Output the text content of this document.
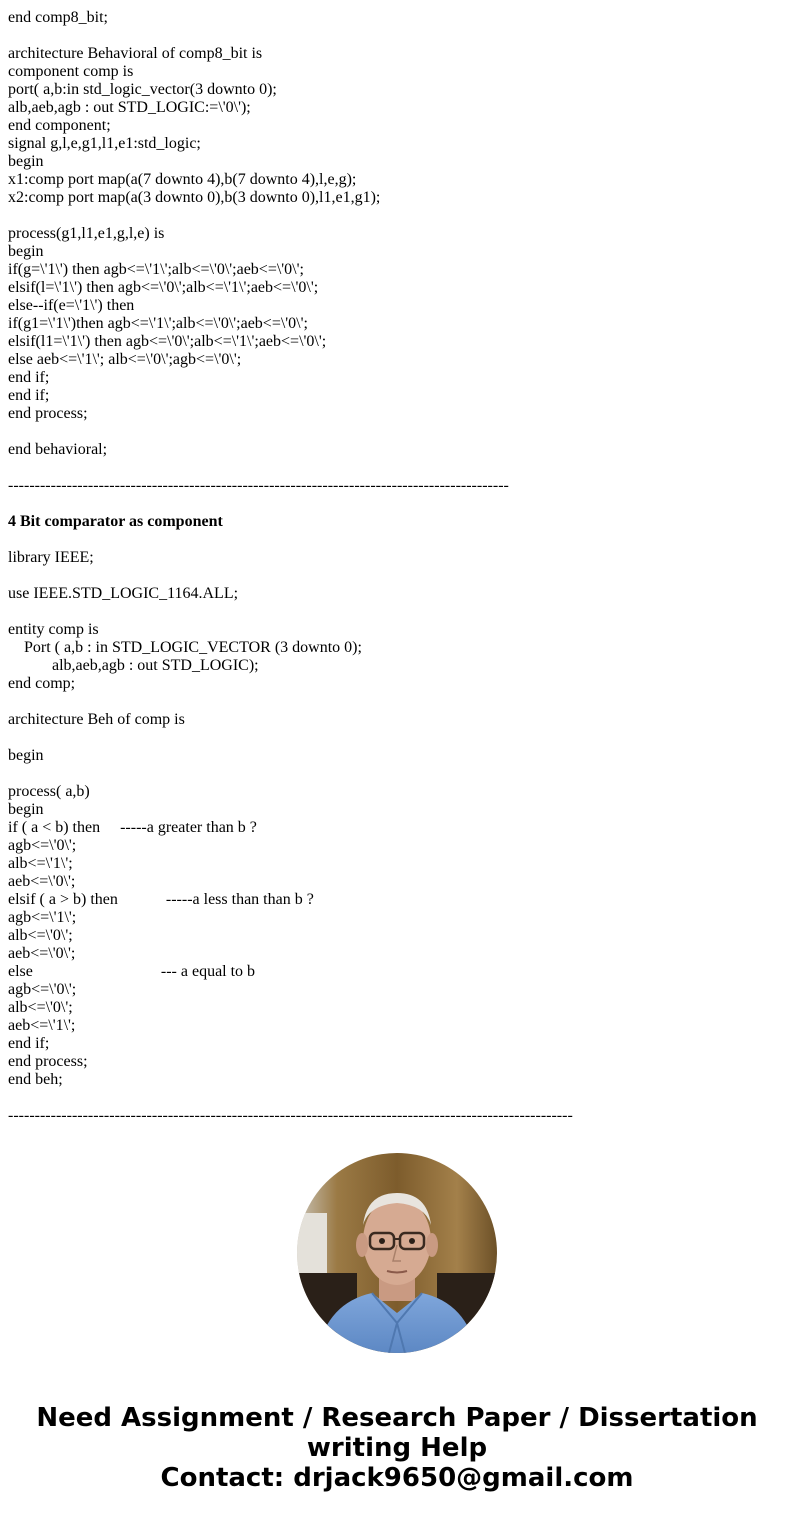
end comp8_bit;
architecture Behavioral of comp8_bit is
component comp is
port( a,b:in std_logic_vector(3 downto 0);
alb,aeb,agb : out STD_LOGIC:=\'0\');
end component;
signal g,l,e,g1,l1,e1:std_logic;
begin
x1:comp port map(a(7 downto 4),b(7 downto 4),l,e,g);
x2:comp port map(a(3 downto 0),b(3 downto 0),l1,e1,g1);
process(g1,l1,e1,g,l,e) is
begin
if(g=\'1\') then agb<=\'1\';alb<=\'0\';aeb<=\'0\';
elsif(l=\'1\') then agb<=\'0\';alb<=\'1\';aeb<=\'0\';
else--if(e=\'1\') then
if(g1=\'1\')then agb<=\'1\';alb<=\'0\';aeb<=\'0\';
elsif(l1=\'1\') then agb<=\'0\';alb<=\'1\';aeb<=\'0\';
else aeb<=\'1\'; alb<=\'0\';agb<=\'0\';
end if;
end if;
end process;
end behavioral;
----------------------------------------------------------------------------------------------
4 Bit comparator as component
library IEEE;
use IEEE.STD_LOGIC_1164.ALL;
entity comp is
Port ( a,b : in STD_LOGIC_VECTOR (3 downto 0);
alb,aeb,agb : out STD_LOGIC);
end comp;
architecture Beh of comp is
begin
process( a,b)
begin
if ( a < b) then     -----a greater than b ?
agb<=\'0\';
alb<=\'1\';
aeb<=\'0\';
elsif ( a > b) then            -----a less than than b ?
agb<=\'1\';
alb<=\'0\';
aeb<=\'0\';
else                                --- a equal to b
agb<=\'0\';
alb<=\'0\';
aeb<=\'1\';
end if;
end process;
end beh;
----------------------------------------------------------------------------------------------------------
Need Assignment / Research Paper / Dissertation
writing Help
Contact: drjack9650@gmail.com
